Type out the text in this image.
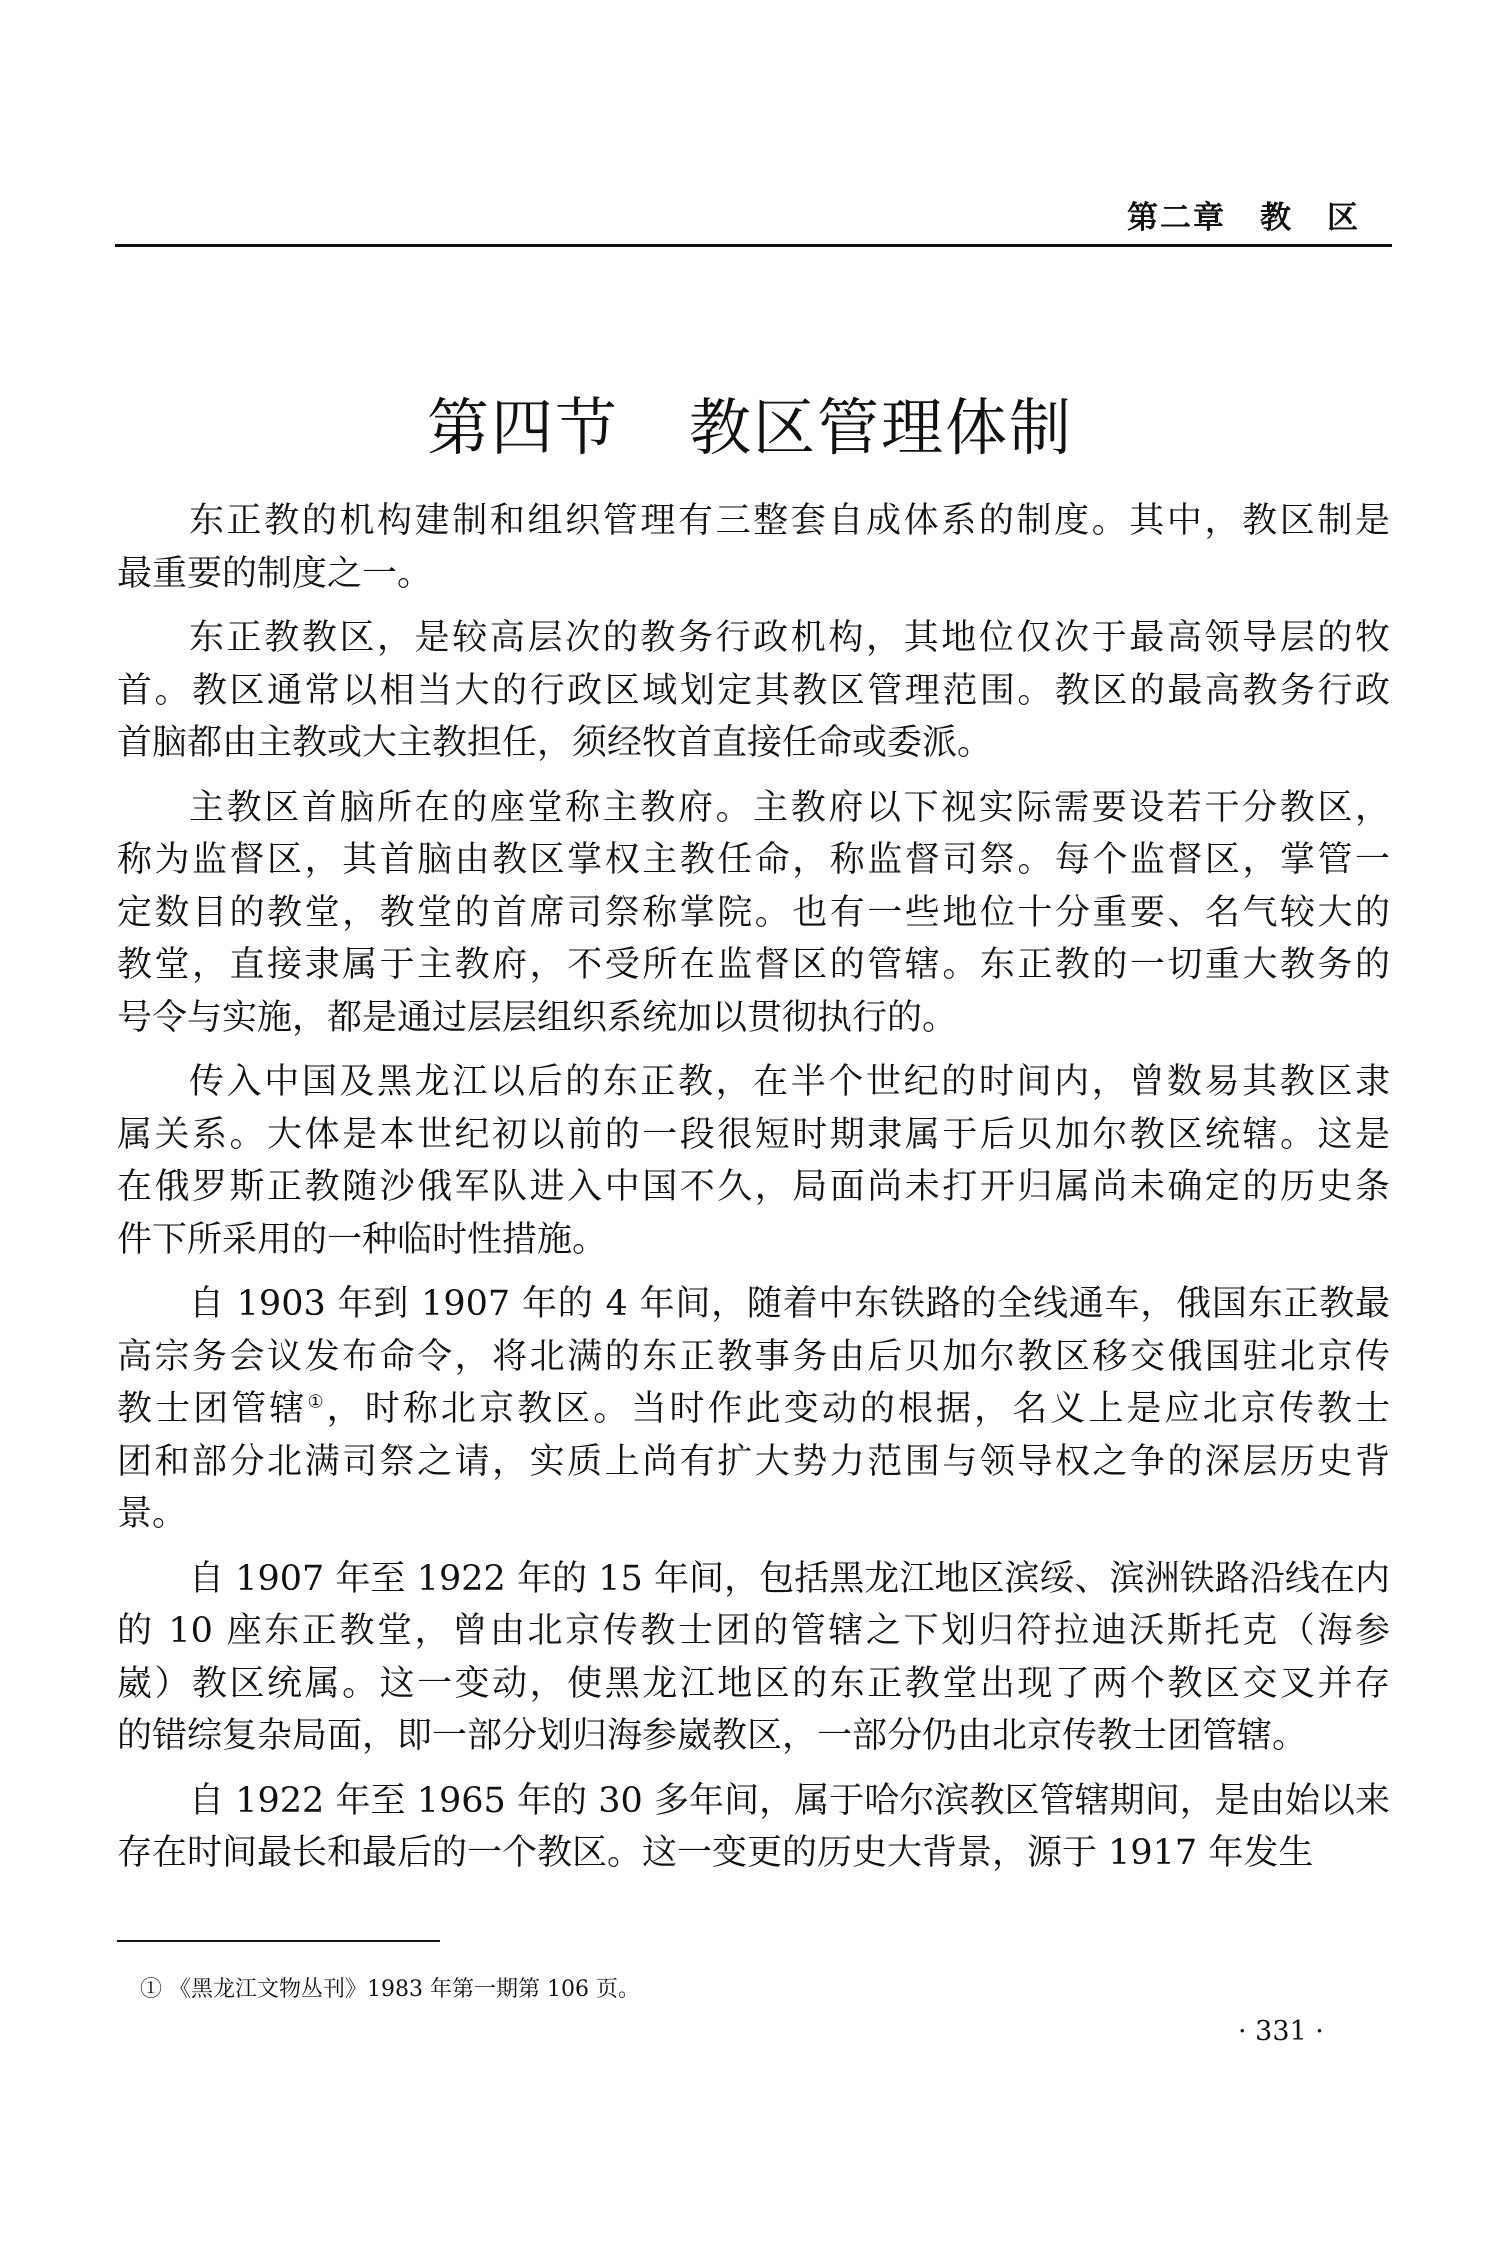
第二章 教 区
第四节 教区管理体制
东正教的机构建制和组织管理有三整套自成体系的制度。其中，教区制是
最重要的制度之一。
东正教教区，是较高层次的教务行政机构，其地位仅次于最高领导层的牧
首。教区通常以相当大的行政区域划定其教区管理范围。教区的最高教务行政
首脑都由主教或大主教担任，须经牧首直接任命或委派。
主教区首脑所在的座堂称主教府。主教府以下视实际需要设若干分教区，
称为监督区，其首脑由教区掌权主教任命，称监督司祭。每个监督区，掌管一
定数目的教堂，教堂的首席司祭称掌院。也有一些地位十分重要、名气较大的
教堂，直接隶属于主教府，不受所在监督区的管辖。东正教的一切重大教务的
号令与实施，都是通过层层组织系统加以贯彻执行的。
传入中国及黑龙江以后的东正教，在半个世纪的时间内，曾数易其教区隶
属关系。大体是本世纪初以前的一段很短时期隶属于后贝加尔教区统辖。这是
在俄罗斯正教随沙俄军队进入中国不久，局面尚未打开归属尚未确定的历史条
件下所采用的一种临时性措施。
自 1903 年到 1907 年的 4 年间，随着中东铁路的全线通车，俄国东正教最
高宗务会议发布命令，将北满的东正教事务由后贝加尔教区移交俄国驻北京传
教士团管辖①，时称北京教区。当时作此变动的根据，名义上是应北京传教士
团和部分北满司祭之请，实质上尚有扩大势力范围与领导权之争的深层历史背
景。
自 1907 年至 1922 年的 15 年间，包括黑龙江地区滨绥、滨洲铁路沿线在内
的 10 座东正教堂，曾由北京传教士团的管辖之下划归符拉迪沃斯托克（海参
崴）教区统属。这一变动，使黑龙江地区的东正教堂出现了两个教区交叉并存
的错综复杂局面，即一部分划归海参崴教区，一部分仍由北京传教士团管辖。
自 1922 年至 1965 年的 30 多年间，属于哈尔滨教区管辖期间，是由始以来
存在时间最长和最后的一个教区。这一变更的历史大背景，源于 1917 年发生
① 《黑龙江文物丛刊》1983 年第一期第 106 页。
· 331 ·
